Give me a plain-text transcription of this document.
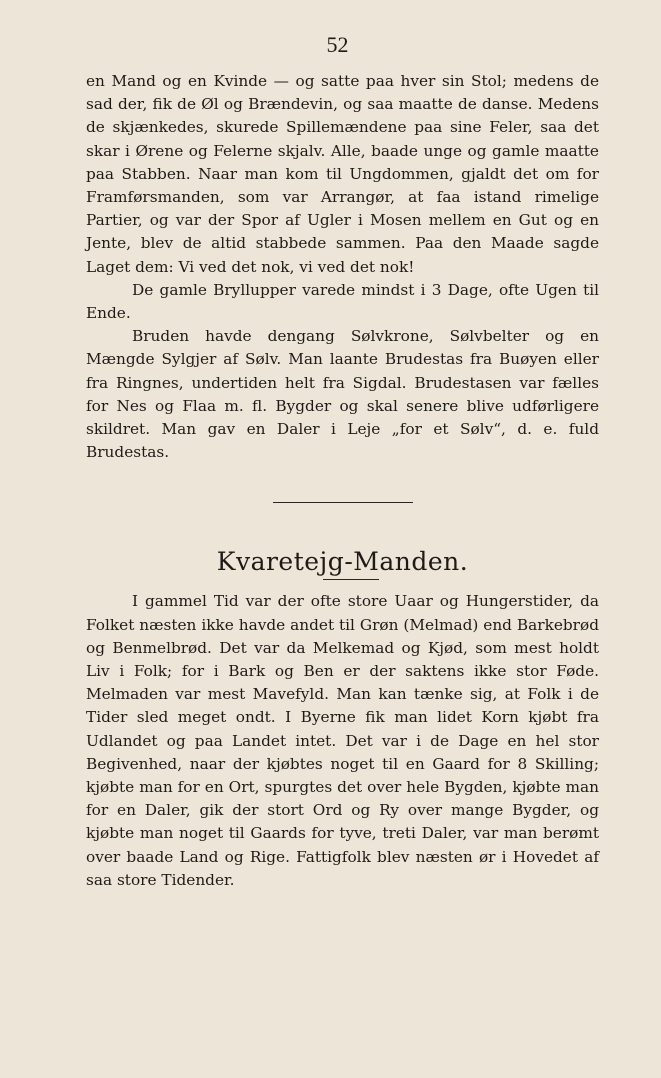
52

en Mand og en Kvinde — og satte paa hver sin Stol; medens de sad der, fik de Øl og Brændevin, og saa maatte de danse. Medens de skjænkedes, skurede Spillemændene paa sine Feler, saa det skar i Ørene og Felerne skjalv. Alle, baade unge og gamle maatte paa Stabben. Naar man kom til Ungdommen, gjaldt det om for Framførsmanden, som var Arrangør, at faa istand rimelige Partier, og var der Spor af Ugler i Mosen mellem en Gut og en Jente, blev de altid stabbede sammen. Paa den Maade sagde Laget dem: Vi ved det nok, vi ved det nok!

De gamle Bryllupper varede mindst i 3 Dage, ofte Ugen til Ende.

Bruden havde dengang Sølvkrone, Sølvbelter og en Mængde Sylgjer af Sølv. Man laante Brudestas fra Buøyen eller fra Ringnes, undertiden helt fra Sigdal. Brudestasen var fælles for Nes og Flaa m. fl. Bygder og skal senere blive udførligere skildret. Man gav en Daler i Leje „for et Sølv“, d. e. fuld Brudestas.

Kvaretejg-Manden.

I gammel Tid var der ofte store Uaar og Hungerstider, da Folket næsten ikke havde andet til Grøn (Melmad) end Barkebrød og Benmelbrød. Det var da Melkemad og Kjød, som mest holdt Liv i Folk; for i Bark og Ben er der saktens ikke stor Føde. Melmaden var mest Mavefyld. Man kan tænke sig, at Folk i de Tider sled meget ondt. I Byerne fik man lidet Korn kjøbt fra Udlandet og paa Landet intet. Det var i de Dage en hel stor Begivenhed, naar der kjøbtes noget til en Gaard for 8 Skilling; kjøbte man for en Ort, spurgtes det over hele Bygden, kjøbte man for en Daler, gik der stort Ord og Ry over mange Bygder, og kjøbte man noget til Gaards for tyve, treti Daler, var man berømt over baade Land og Rige. Fattigfolk blev næsten ør i Hovedet af saa store Tidender.
